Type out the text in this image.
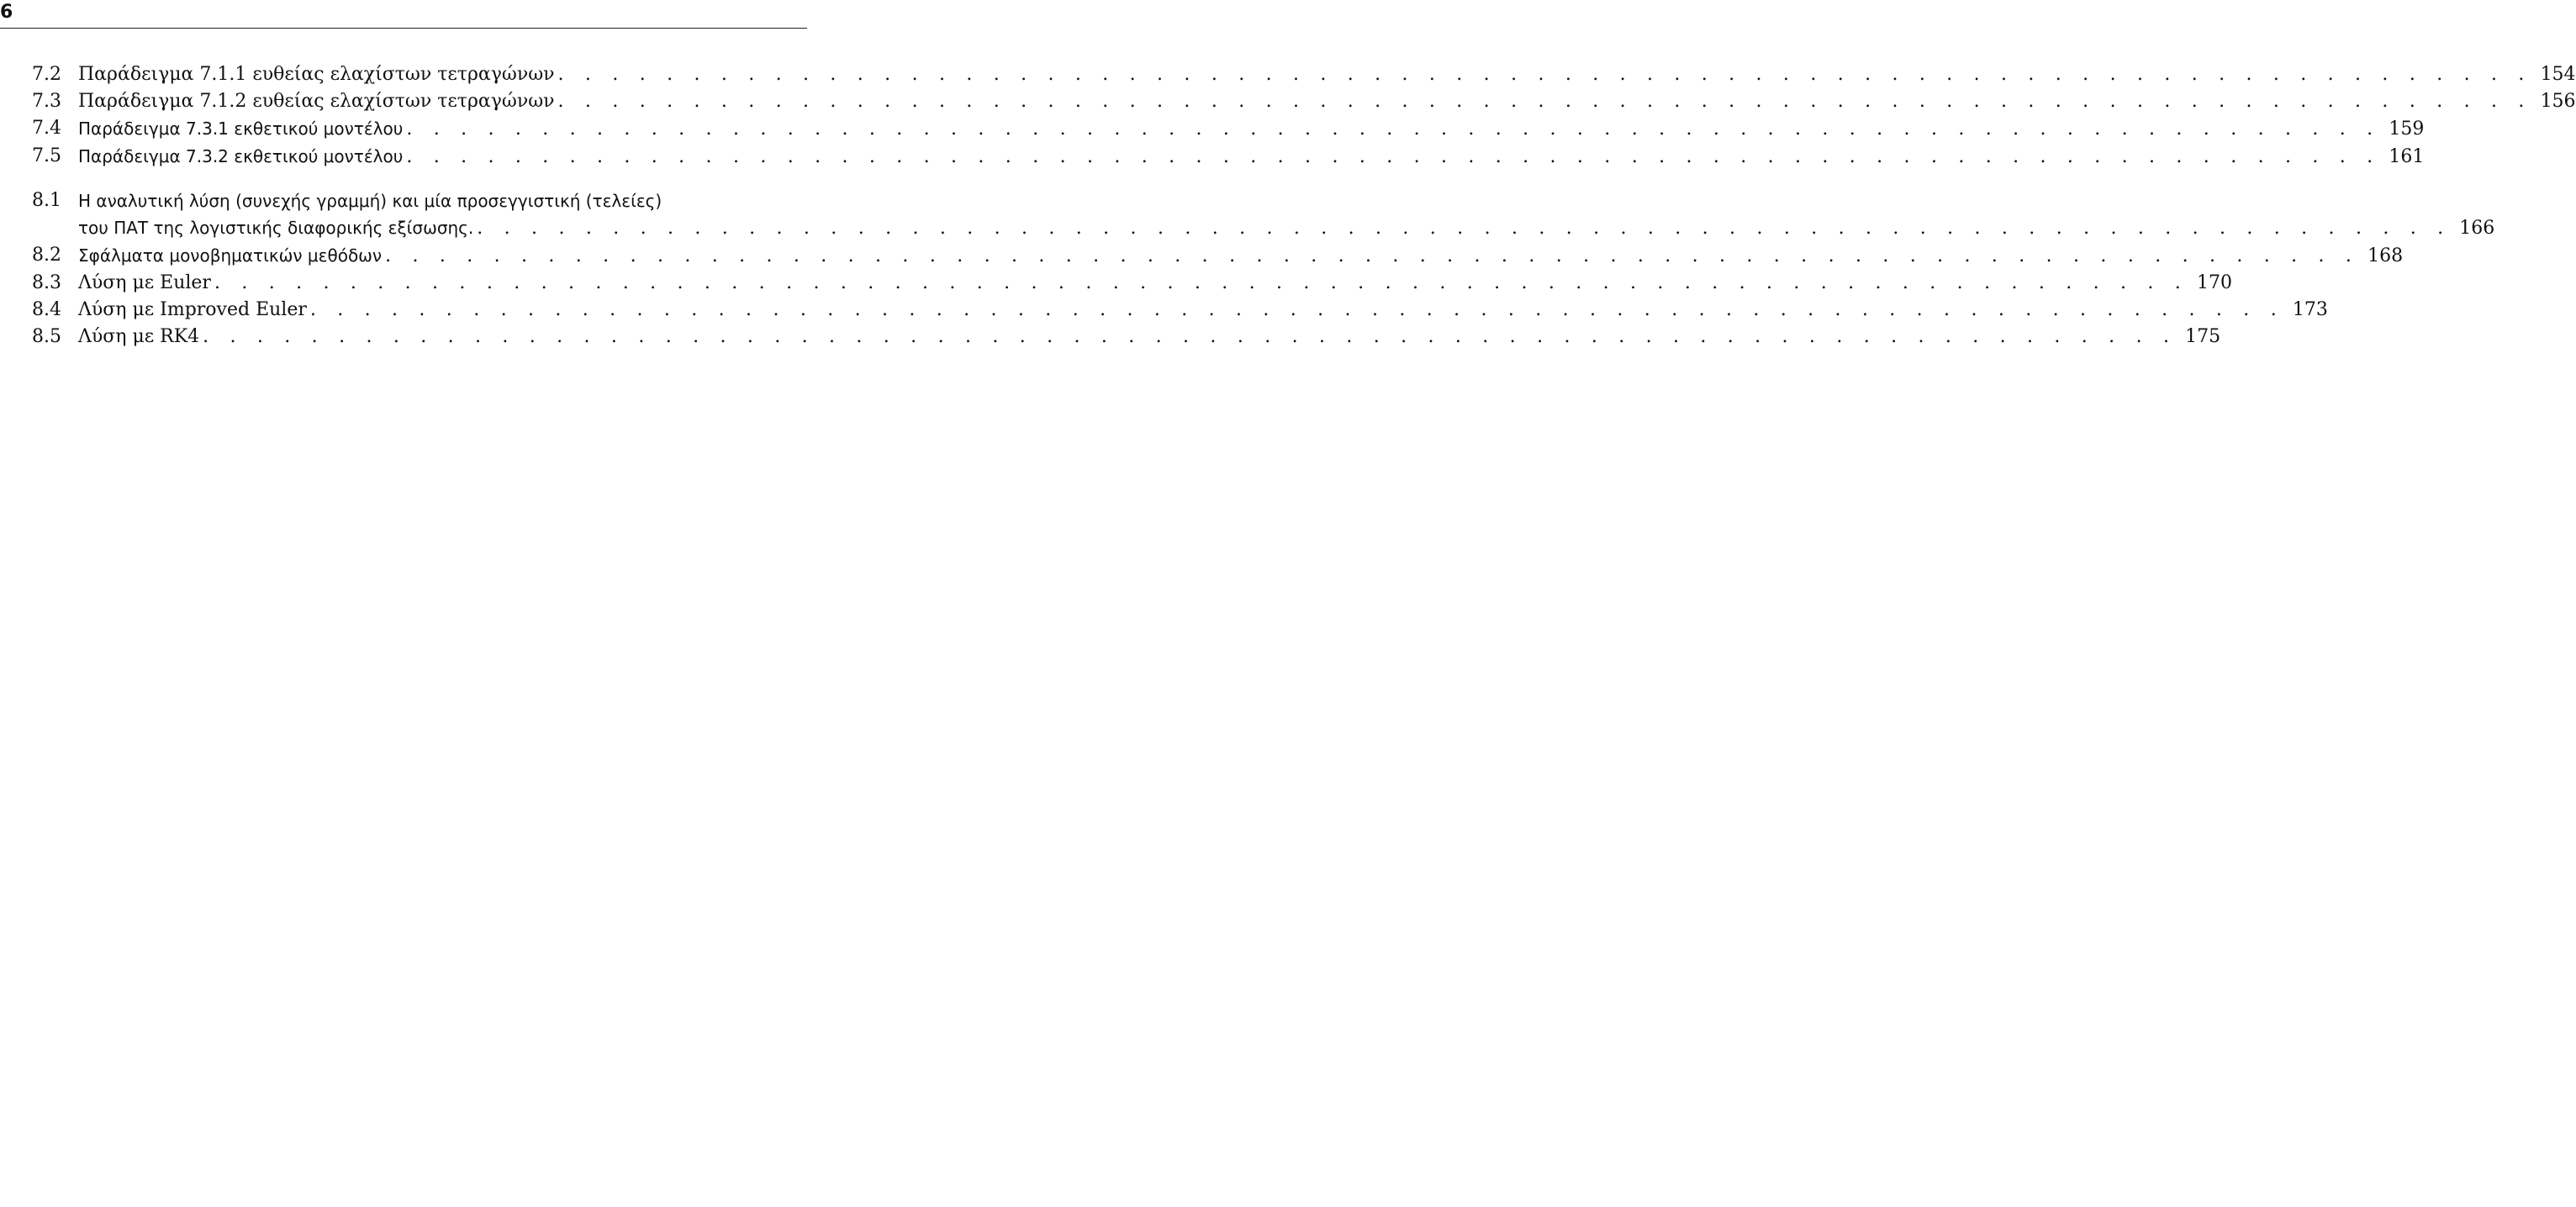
6
7.2 Παράδειγμα 7.1.1 ευθείας ελαχίστων τετραγώνων . . . . . . . . . . . . . . . . . . . . . . . . . . . . . . . . . . . . . . . . . . . . . . . . . . . . . . . . . . . . . . . . . . . . . . . . . 154
7.3 Παράδειγμα 7.1.2 ευθείας ελαχίστων τετραγώνων . . . . . . . . . . . . . . . . . . . . . . . . . . . . . . . . . . . . . . . . . . . . . . . . . . . . . . . . . . . . . . . . . . . . . . . . . 156
7.4	Παράδειγμα 7.3.1 εκθετικού μοντέλου . . . . . . . . . . . . . . . . . . . . . . . . . . . . . . . . . . . . . . . . . . . . . . . . . . . . . . . . . . . . . . . . . . . . . . . . . 159
7.5	Παράδειγμα 7.3.2 εκθετικού μοντέλου . . . . . . . . . . . . . . . . . . . . . . . . . . . . . . . . . . . . . . . . . . . . . . . . . . . . . . . . . . . . . . . . . . . . . . . . . 161
8.1	Η αναλυτική λύση (συνεχής γραμμή) και μία προσεγγιστική (τελείες)
του ΠΑΤ της λογιστικής διαφορικής εξίσωσης. . . . . . . . . . . . . . . . . . . . . . . . . . . . . . . . . . . . . . . . . . . . . . . . . . . . . . . . . . . . . . . . . . . . . . . . . . 166
8.2	Σφάλματα μονοβηματικών μεθόδων . . . . . . . . . . . . . . . . . . . . . . . . . . . . . . . . . . . . . . . . . . . . . . . . . . . . . . . . . . . . . . . . . . . . . . . . . 168
8.3 Λύση με Euler . . . . . . . . . . . . . . . . . . . . . . . . . . . . . . . . . . . . . . . . . . . . . . . . . . . . . . . . . . . . . . . . . . . . . . . . . 170
8.4 Λύση με Improved Euler . . . . . . . . . . . . . . . . . . . . . . . . . . . . . . . . . . . . . . . . . . . . . . . . . . . . . . . . . . . . . . . . . . . . . . . . . 173
8.5 Λύση με RK4 . . . . . . . . . . . . . . . . . . . . . . . . . . . . . . . . . . . . . . . . . . . . . . . . . . . . . . . . . . . . . . . . . . . . . . . . . 175
